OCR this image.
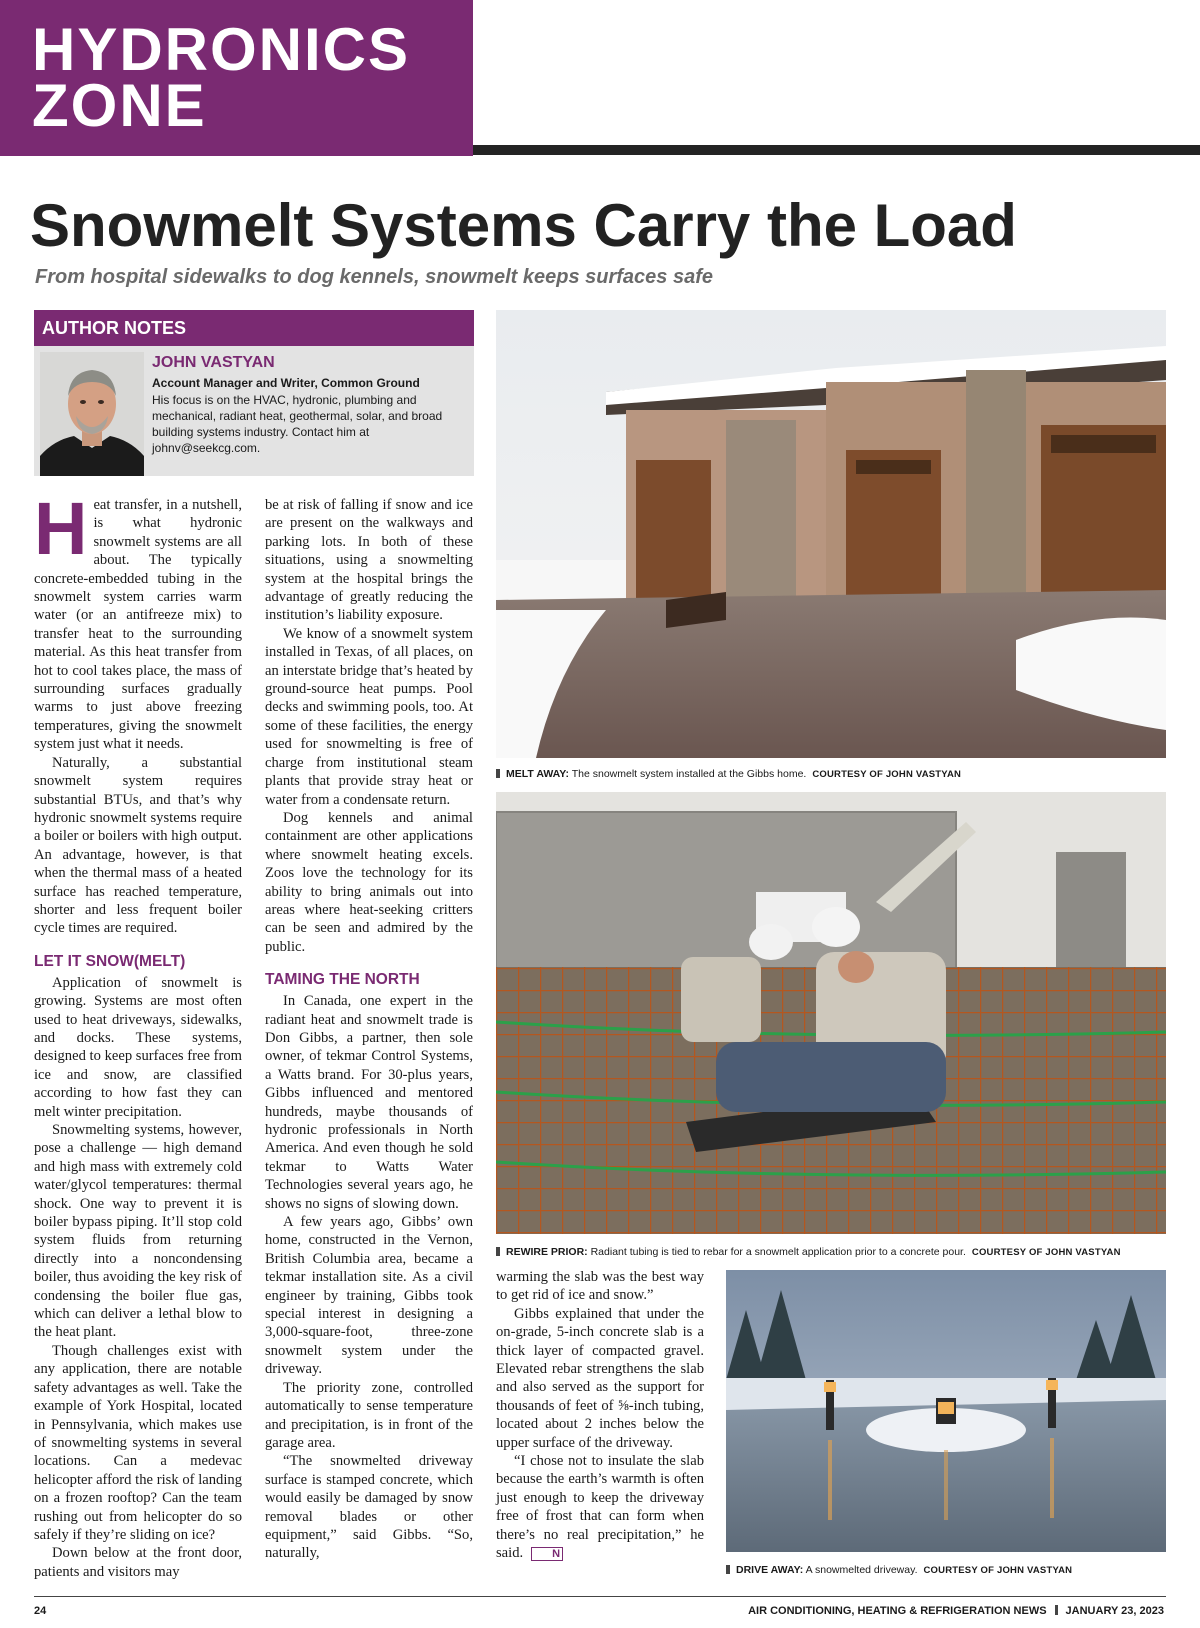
HYDRONICS
ZONE
Snowmelt Systems Carry the Load
From hospital sidewalks to dog kennels, snowmelt keeps surfaces safe
AUTHOR NOTES
JOHN VASTYAN
Account Manager and Writer, Common Ground
His focus is on the HVAC, hydronic, plumbing and mechanical, radiant heat, geothermal, solar, and broad building systems industry. Contact him at johnv@seekcg.com.

Heat transfer, in a nutshell, is what hydronic snowmelt systems are all about. The typically concrete-embedded tubing in the snowmelt system carries warm water (or an antifreeze mix) to transfer heat to the surrounding material. As this heat transfer from hot to cool takes place, the mass of surrounding surfaces gradually warms to just above freezing temperatures, giving the snowmelt system just what it needs.

Naturally, a substantial snowmelt system requires substantial BTUs, and that’s why hydronic snowmelt systems require a boiler or boilers with high output. An advantage, however, is that when the thermal mass of a heated surface has reached temperature, shorter and less frequent boiler cycle times are required.

LET IT SNOW(MELT)

Application of snowmelt is growing. Systems are most often used to heat driveways, sidewalks, and docks. These systems, designed to keep surfaces free from ice and snow, are classified according to how fast they can melt winter precipitation.

Snowmelting systems, however, pose a challenge — high demand and high mass with extremely cold water/glycol temperatures: thermal shock. One way to prevent it is boiler bypass piping. It’ll stop cold system fluids from returning directly into a noncondensing boiler, thus avoiding the key risk of condensing the boiler flue gas, which can deliver a lethal blow to the heat plant.

Though challenges exist with any application, there are notable safety advantages as well. Take the example of York Hospital, located in Pennsylvania, which makes use of snowmelting systems in several locations. Can a medevac helicopter afford the risk of landing on a frozen rooftop? Can the team rushing out from helicopter do so safely if they’re sliding on ice?

Down below at the front door, patients and visitors may

be at risk of falling if snow and ice are present on the walkways and parking lots. In both of these situations, using a snowmelting system at the hospital brings the advantage of greatly reducing the institution’s liability exposure.

We know of a snowmelt system installed in Texas, of all places, on an interstate bridge that’s heated by ground-source heat pumps. Pool decks and swimming pools, too. At some of these facilities, the energy used for snowmelting is free of charge from institutional steam plants that provide stray heat or water from a condensate return.

Dog kennels and animal containment are other applications where snowmelt heating excels. Zoos love the technology for its ability to bring animals out into areas where heat-seeking critters can be seen and admired by the public.

TAMING THE NORTH

In Canada, one expert in the radiant heat and snowmelt trade is Don Gibbs, a partner, then sole owner, of tekmar Control Systems, a Watts brand. For 30-plus years, Gibbs influenced and mentored hundreds, maybe thousands of hydronic professionals in North America. And even though he sold tekmar to Watts Water Technologies several years ago, he shows no signs of slowing down.

A few years ago, Gibbs’ own home, constructed in the Vernon, British Columbia area, became a tekmar installation site. As a civil engineer by training, Gibbs took special interest in designing a 3,000-square-foot, three-zone snowmelt system under the driveway.

The priority zone, controlled automatically to sense temperature and precipitation, is in front of the garage area.

“The snowmelted driveway surface is stamped concrete, which would easily be damaged by snow removal blades or other equipment,” said Gibbs. “So, naturally,

warming the slab was the best way to get rid of ice and snow.”

Gibbs explained that under the on-grade, 5-inch concrete slab is a thick layer of compacted gravel. Elevated rebar strengthens the slab and also served as the support for thousands of feet of ⅝-inch tubing, located about 2 inches below the upper surface of the driveway.

“I chose not to insulate the slab because the earth’s warmth is often just enough to keep the driveway free of frost that can form when there’s no real precipitation,” he said.	N

MELT AWAY: The snowmelt system installed at the Gibbs home. COURTESY OF JOHN VASTYAN
REWIRE PRIOR: Radiant tubing is tied to rebar for a snowmelt application prior to a concrete pour. COURTESY OF JOHN VASTYAN
DRIVE AWAY: A snowmelted driveway. COURTESY OF JOHN VASTYAN
24	AIR CONDITIONING, HEATING & REFRIGERATION NEWS JANUARY 23, 2023
